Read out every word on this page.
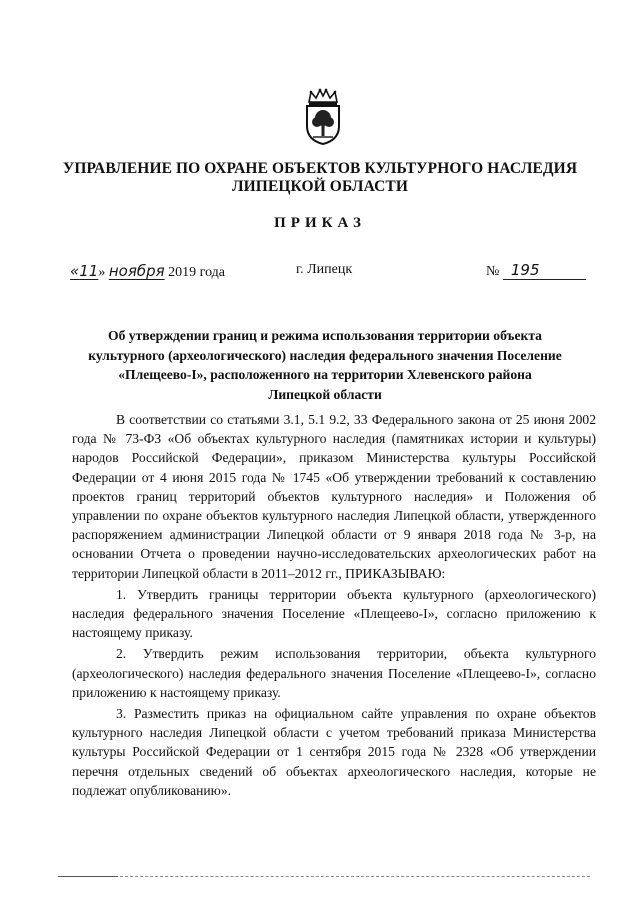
УПРАВЛЕНИЕ ПО ОХРАНЕ ОБЪЕКТОВ КУЛЬТУРНОГО НАСЛЕДИЯ
ЛИПЕЦКОЙ ОБЛАСТИ
ПРИКАЗ
«11» ноября 2019 года	г. Липецк	№ 195
Об утверждении границ и режима использования территории объекта
культурного (археологического) наследия федерального значения Поселение
«Плещеево-I», расположенного на территории Хлевенского района
Липецкой области

В соответствии со статьями 3.1, 5.1 9.2, 33 Федерального закона от 25 июня 2002 года № 73-ФЗ «Об объектах культурного наследия (памятниках истории и культуры) народов Российской Федерации», приказом Министерства культуры Российской Федерации от 4 июня 2015 года № 1745 «Об утверждении требований к составлению проектов границ территорий объектов культурного наследия» и Положения об управлении по охране объектов культурного наследия Липецкой области, утвержденного распоряжением администрации Липецкой области от 9 января 2018 года № 3-р, на основании Отчета о проведении научно-исследовательских археологических работ на территории Липецкой области в 2011–2012 гг., ПРИКАЗЫВАЮ:

1. Утвердить границы территории объекта культурного (археологического) наследия федерального значения Поселение «Плещеево-I», согласно приложению к настоящему приказу.

2. Утвердить режим использования территории, объекта культурного (археологического) наследия федерального значения Поселение «Плещеево-I», согласно приложению к настоящему приказу.

3. Разместить приказ на официальном сайте управления по охране объектов культурного наследия Липецкой области с учетом требований приказа Министерства культуры Российской Федерации от 1 сентября 2015 года № 2328 «Об утверждении перечня отдельных сведений об объектах археологического наследия, которые не подлежат опубликованию».
